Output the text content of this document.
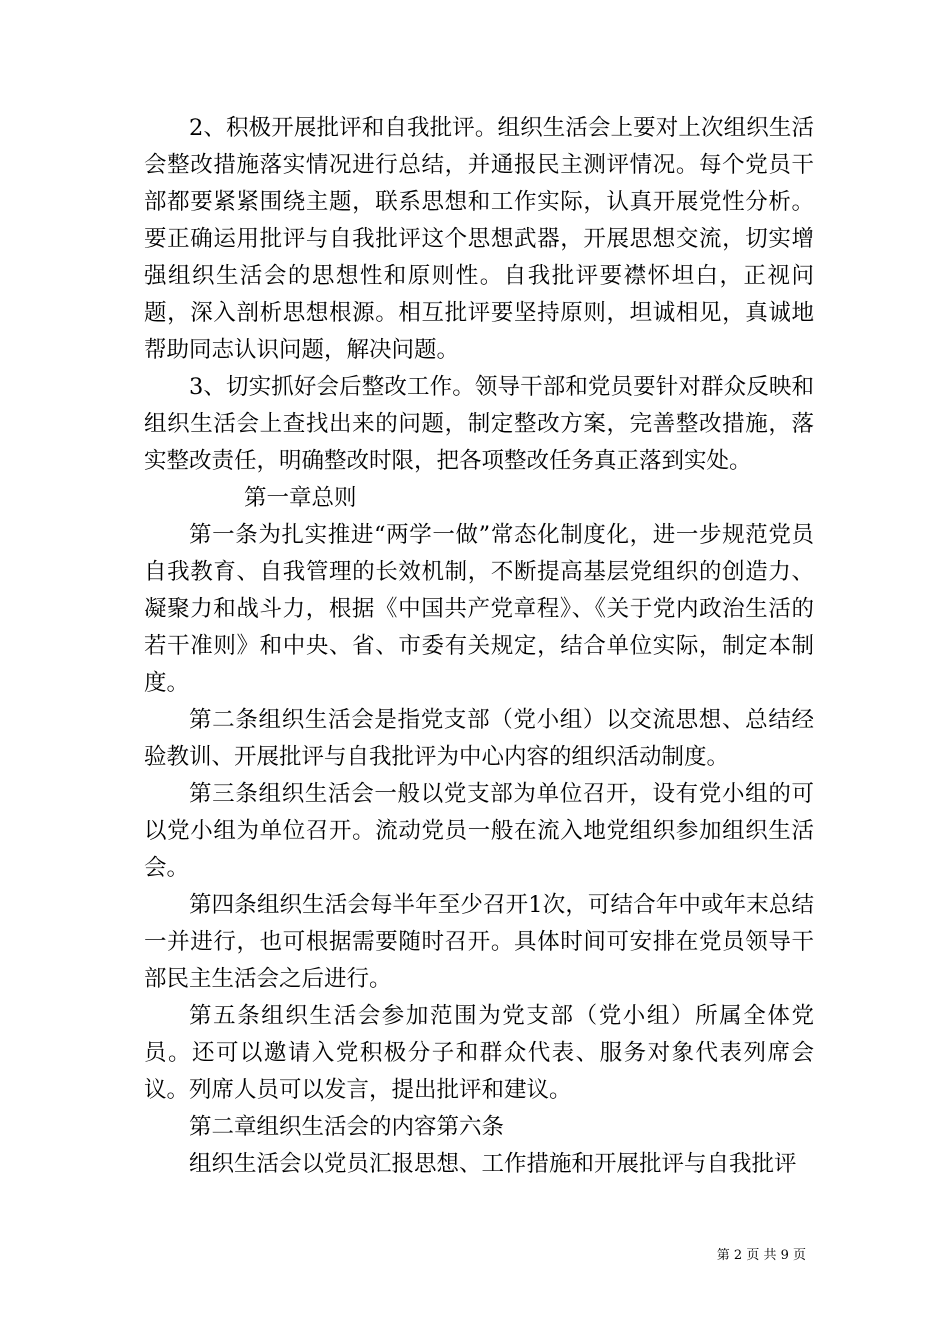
2、积极开展批评和自我批评。组织生活会上要对上次组织生活会整改措施落实情况进行总结，并通报民主测评情况。每个党员干部都要紧紧围绕主题，联系思想和工作实际，认真开展党性分析。要正确运用批评与自我批评这个思想武器，开展思想交流，切实增强组织生活会的思想性和原则性。自我批评要襟怀坦白，正视问题，深入剖析思想根源。相互批评要坚持原则，坦诚相见，真诚地帮助同志认识问题，解决问题。

3、切实抓好会后整改工作。领导干部和党员要针对群众反映和组织生活会上查找出来的问题，制定整改方案，完善整改措施，落实整改责任，明确整改时限，把各项整改任务真正落到实处。

第一章总则

第一条为扎实推进“两学一做”常态化制度化，进一步规范党员自我教育、自我管理的长效机制，不断提高基层党组织的创造力、凝聚力和战斗力，根据《中国共产党章程》、《关于党内政治生活的若干准则》和中央、省、市委有关规定，结合单位实际，制定本制度。

第二条组织生活会是指党支部（党小组）以交流思想、总结经验教训、开展批评与自我批评为中心内容的组织活动制度。

第三条组织生活会一般以党支部为单位召开，设有党小组的可以党小组为单位召开。流动党员一般在流入地党组织参加组织生活会。

第四条组织生活会每半年至少召开1次，可结合年中或年末总结一并进行，也可根据需要随时召开。具体时间可安排在党员领导干部民主生活会之后进行。

第五条组织生活会参加范围为党支部（党小组）所属全体党员。还可以邀请入党积极分子和群众代表、服务对象代表列席会议。列席人员可以发言，提出批评和建议。

第二章组织生活会的内容第六条

组织生活会以党员汇报思想、工作措施和开展批评与自我批评

第 2 页 共 9 页
